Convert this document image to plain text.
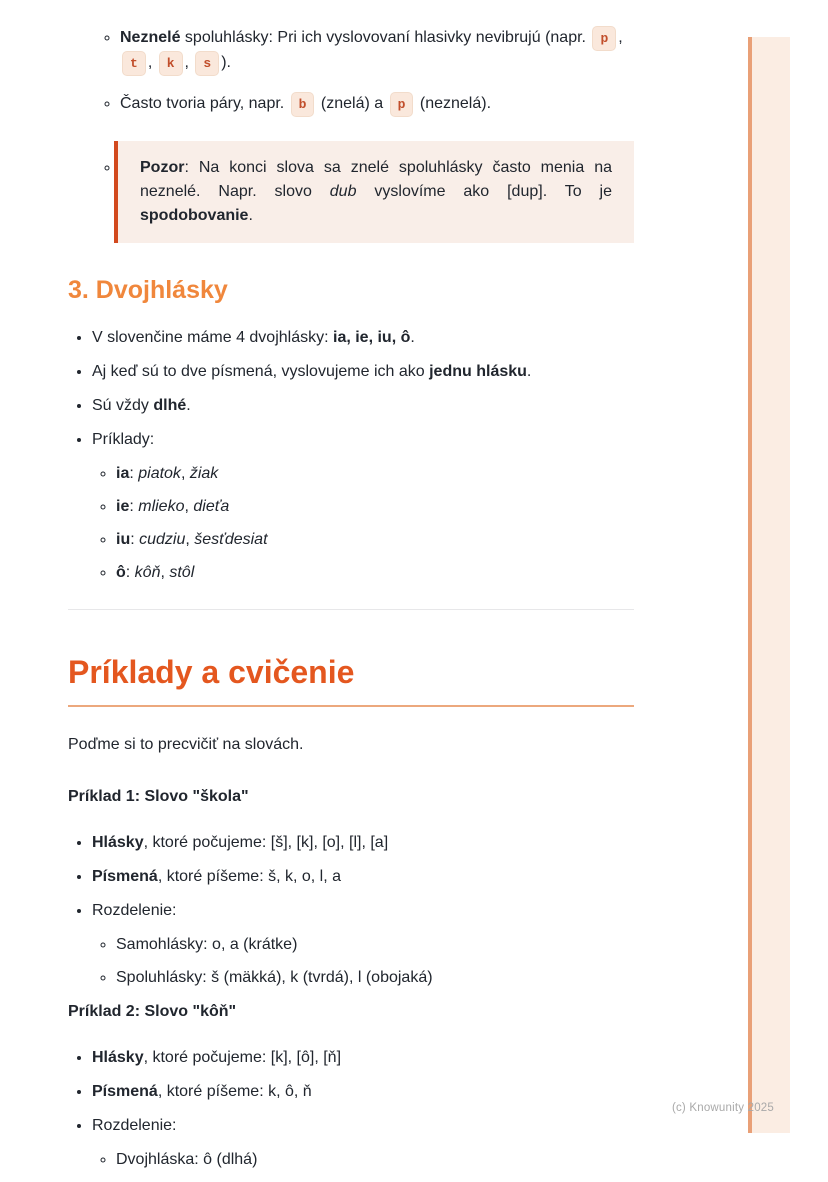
◦ Neznelé spoluhlásky: Pri ich vyslovovaní hlasivky nevibrujú (napr. p , t , k , s ).
◦ Často tvoria páry, napr. b (znelá) a p (neznelá).
◦ Pozor: Na konci slova sa znelé spoluhlásky často menia na neznelé. Napr. slovo dub vyslovíme ako [dup]. To je spodobovanie.
3. Dvojhlásky
• V slovenčine máme 4 dvojhlásky: ia, ie, iu, ô.
• Aj keď sú to dve písmená, vyslovujeme ich ako jednu hlásku.
• Sú vždy dlhé.
• Príklady:
◦ ia: piatok, žiak
◦ ie: mlieko, dieťa
◦ iu: cudziu, šesťdesiat
◦ ô: kôň, stôl
Príklady a cvičenie

Poďme si to precvičiť na slovách.

Príklad 1: Slovo "škola"

• Hlásky, ktoré počujeme: [š], [k], [o], [l], [a]
• Písmená, ktoré píšeme: š, k, o, l, a
• Rozdelenie:
◦ Samohlásky: o, a (krátke)
◦ Spoluhlásky: š (mäkká), k (tvrdá), l (obojaká)

Príklad 2: Slovo "kôň"

• Hlásky, ktoré počujeme: [k], [ô], [ň]
• Písmená, ktoré píšeme: k, ô, ň
• Rozdelenie:
◦ Dvojhláska: ô (dlhá)
(c) Knowunity 2025
